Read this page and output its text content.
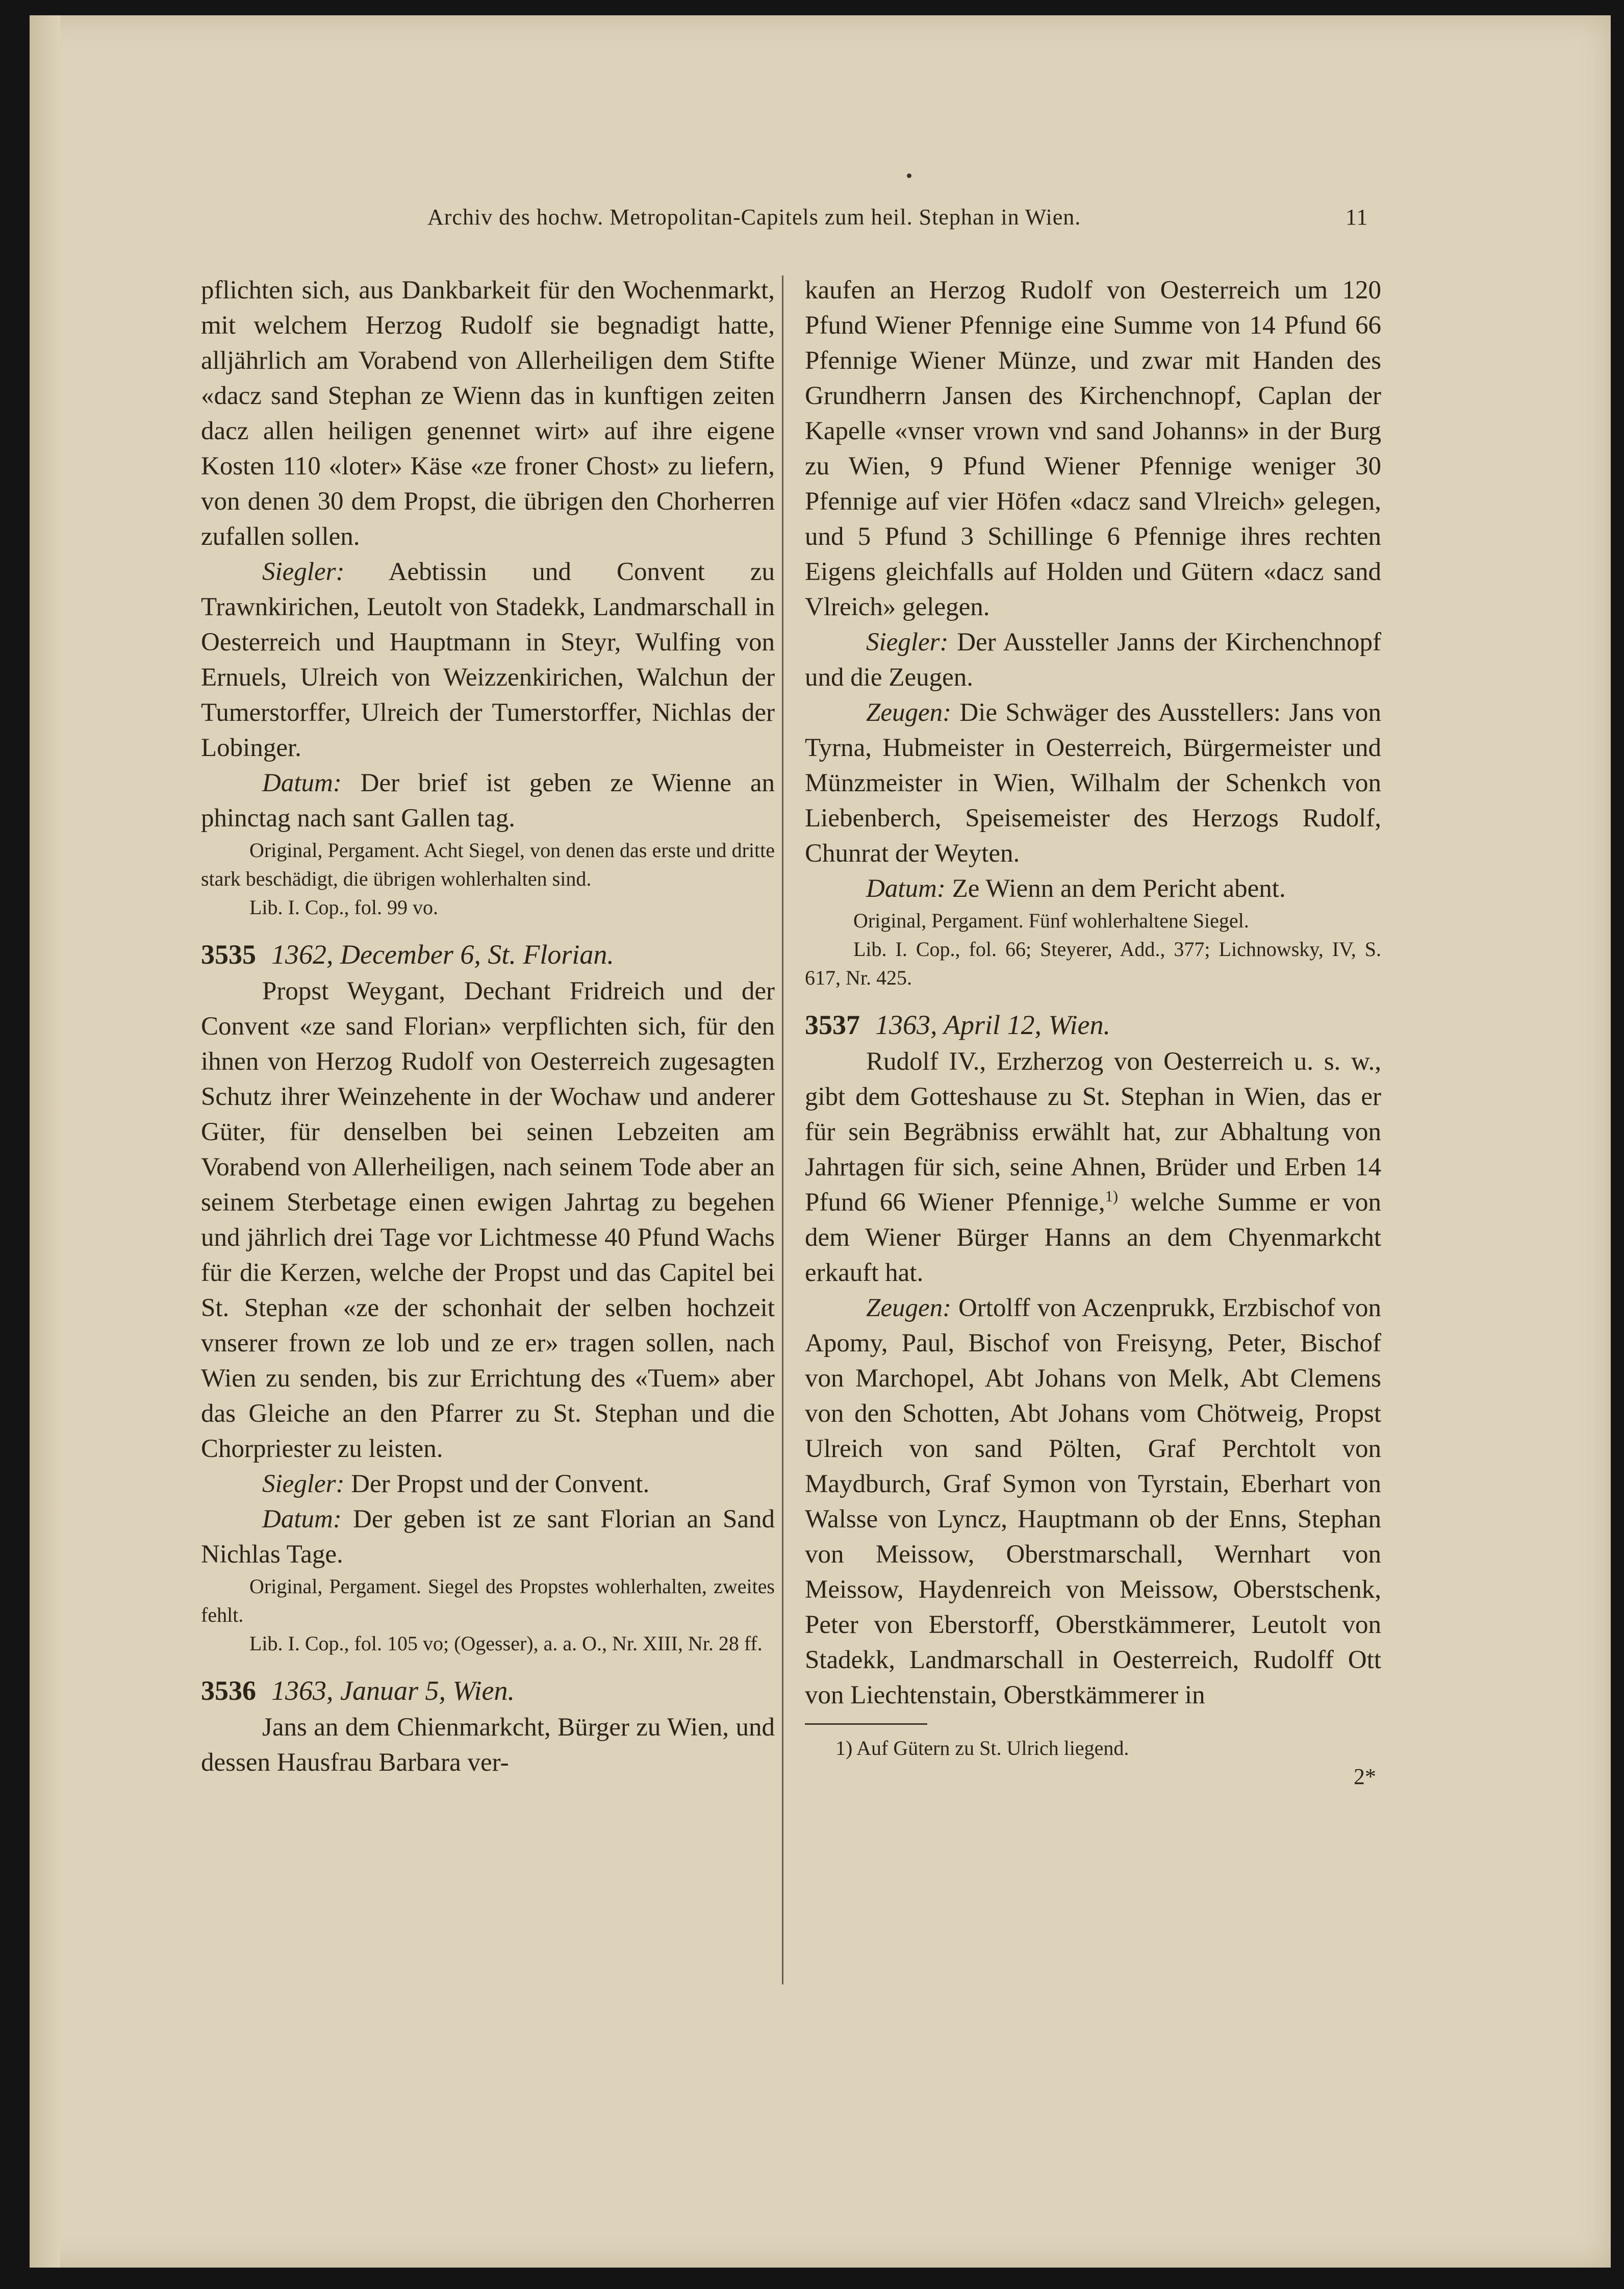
Archiv des hochw. Metropolitan-Capitels zum heil. Stephan in Wien.	11

pflichten sich, aus Dankbarkeit für den Wochenmarkt, mit welchem Herzog Rudolf sie begnadigt hatte, alljährlich am Vorabend von Allerheiligen dem Stifte «dacz sand Stephan ze Wienn das in kunftigen zeiten dacz allen heiligen genennet wirt» auf ihre eigene Kosten 110 «loter» Käse «ze froner Chost» zu liefern, von denen 30 dem Propst, die übrigen den Chorherren zufallen sollen.

Siegler: Aebtissin und Convent zu Trawnkirichen, Leutolt von Stadekk, Landmarschall in Oesterreich und Hauptmann in Steyr, Wulfing von Ernuels, Ulreich von Weizzenkirichen, Walchun der Tumerstorffer, Ulreich der Tumerstorffer, Nichlas der Lobinger.

Datum: Der brief ist geben ze Wienne an phinctag nach sant Gallen tag.

Original, Pergament. Acht Siegel, von denen das erste und dritte stark beschädigt, die übrigen wohlerhalten sind.

Lib. I. Cop., fol. 99 vo.

3535 1362, December 6, St. Florian.

Propst Weygant, Dechant Fridreich und der Convent «ze sand Florian» verpflichten sich, für den ihnen von Herzog Rudolf von Oesterreich zugesagten Schutz ihrer Weinzehente in der Wochaw und anderer Güter, für denselben bei seinen Lebzeiten am Vorabend von Allerheiligen, nach seinem Tode aber an seinem Sterbetage einen ewigen Jahrtag zu begehen und jährlich drei Tage vor Lichtmesse 40 Pfund Wachs für die Kerzen, welche der Propst und das Capitel bei St. Stephan «ze der schonhait der selben hochzeit vnserer frown ze lob und ze er» tragen sollen, nach Wien zu senden, bis zur Errichtung des «Tuem» aber das Gleiche an den Pfarrer zu St. Stephan und die Chorpriester zu leisten.

Siegler: Der Propst und der Convent.

Datum: Der geben ist ze sant Florian an Sand Nichlas Tage.

Original, Pergament. Siegel des Propstes wohlerhalten, zweites fehlt.

Lib. I. Cop., fol. 105 vo; (Ogesser), a. a. O., Nr. XIII, Nr. 28 ff.

3536 1363, Januar 5, Wien.

Jans an dem Chienmarkcht, Bürger zu Wien, und dessen Hausfrau Barbara ver-

kaufen an Herzog Rudolf von Oesterreich um 120 Pfund Wiener Pfennige eine Summe von 14 Pfund 66 Pfennige Wiener Münze, und zwar mit Handen des Grundherrn Jansen des Kirchenchnopf, Caplan der Kapelle «vnser vrown vnd sand Johanns» in der Burg zu Wien, 9 Pfund Wiener Pfennige weniger 30 Pfennige auf vier Höfen «dacz sand Vlreich» gelegen, und 5 Pfund 3 Schillinge 6 Pfennige ihres rechten Eigens gleichfalls auf Holden und Gütern «dacz sand Vlreich» gelegen.

Siegler: Der Aussteller Janns der Kirchenchnopf und die Zeugen.

Zeugen: Die Schwäger des Ausstellers: Jans von Tyrna, Hubmeister in Oesterreich, Bürgermeister und Münzmeister in Wien, Wilhalm der Schenkch von Liebenberch, Speisemeister des Herzogs Rudolf, Chunrat der Weyten.

Datum: Ze Wienn an dem Pericht abent.

Original, Pergament. Fünf wohlerhaltene Siegel.

Lib. I. Cop., fol. 66; Steyerer, Add., 377; Lichnowsky, IV, S. 617, Nr. 425.

3537 1363, April 12, Wien.

Rudolf IV., Erzherzog von Oesterreich u. s. w., gibt dem Gotteshause zu St. Stephan in Wien, das er für sein Begräbniss erwählt hat, zur Abhaltung von Jahrtagen für sich, seine Ahnen, Brüder und Erben 14 Pfund 66 Wiener Pfennige,$^{1)}$ welche Summe er von dem Wiener Bürger Hanns an dem Chyenmarkcht erkauft hat.

Zeugen: Ortolff von Aczenprukk, Erzbischof von Apomy, Paul, Bischof von Freisyng, Peter, Bischof von Marchopel, Abt Johans von Melk, Abt Clemens von den Schotten, Abt Johans vom Chötweig, Propst Ulreich von sand Pölten, Graf Perchtolt von Maydburch, Graf Symon von Tyrstain, Eberhart von Walsse von Lyncz, Hauptmann ob der Enns, Stephan von Meissow, Oberstmarschall, Wernhart von Meissow, Haydenreich von Meissow, Oberstschenk, Peter von Eberstorff, Oberstkämmerer, Leutolt von Stadekk, Landmarschall in Oesterreich, Rudolff Ott von Liechtenstain, Oberstkämmerer in

1) Auf Gütern zu St. Ulrich liegend.

2*
